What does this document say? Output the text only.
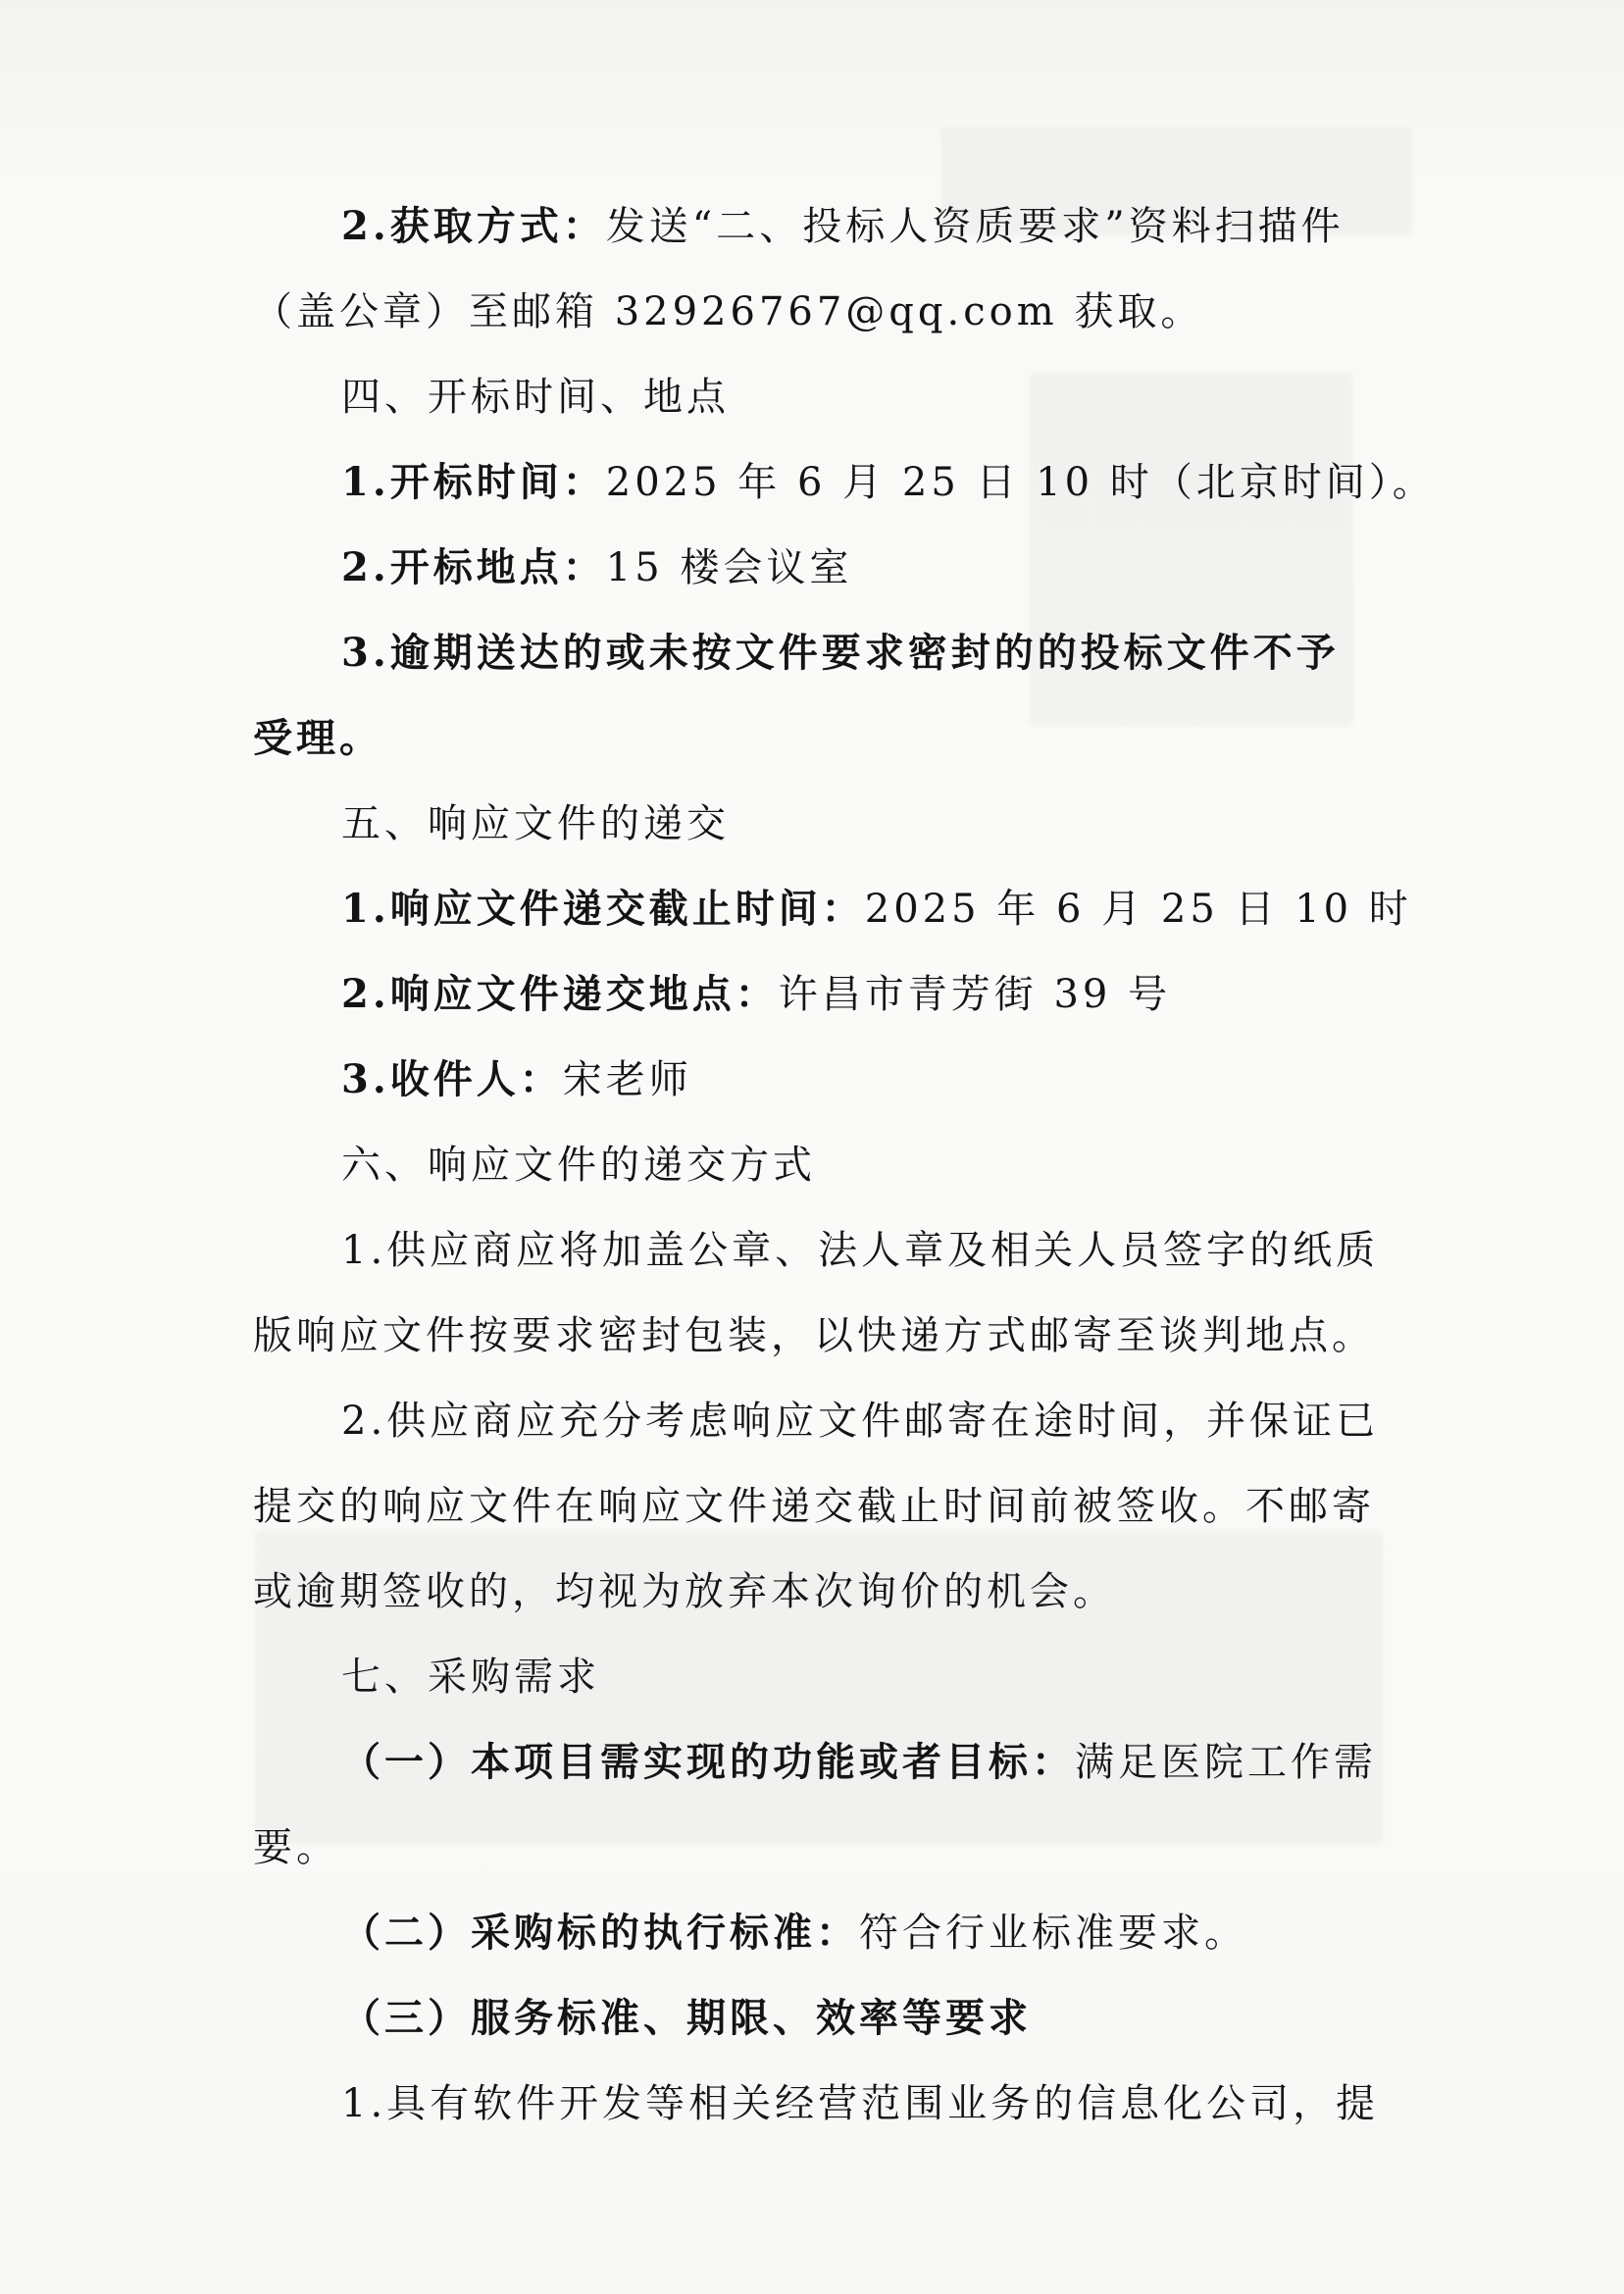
2.获取方式：发送“二、投标人资质要求”资料扫描件
（盖公章）至邮箱 32926767@qq.com 获取。
四、开标时间、地点
1.开标时间：2025 年 6 月 25 日 10 时（北京时间）。
2.开标地点：15 楼会议室
3.逾期送达的或未按文件要求密封的的投标文件不予
受理。
五、响应文件的递交
1.响应文件递交截止时间：2025 年 6 月 25 日 10 时
2.响应文件递交地点：许昌市青芳街 39 号
3.收件人：宋老师
六、响应文件的递交方式
1.供应商应将加盖公章、法人章及相关人员签字的纸质
版响应文件按要求密封包装，以快递方式邮寄至谈判地点。
2.供应商应充分考虑响应文件邮寄在途时间，并保证已
提交的响应文件在响应文件递交截止时间前被签收。不邮寄
或逾期签收的，均视为放弃本次询价的机会。
七、采购需求
（一）本项目需实现的功能或者目标：满足医院工作需
要。
（二）采购标的执行标准：符合行业标准要求。
（三）服务标准、期限、效率等要求
1.具有软件开发等相关经营范围业务的信息化公司，提
